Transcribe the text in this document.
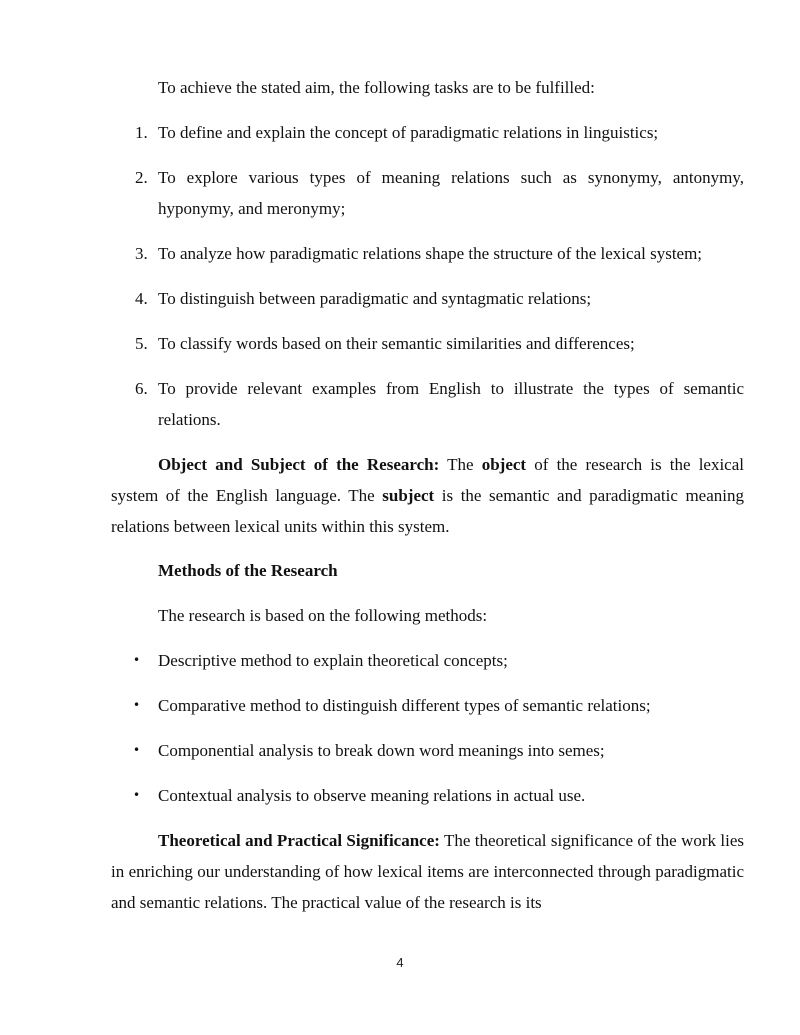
To achieve the stated aim, the following tasks are to be fulfilled:

1. To define and explain the concept of paradigmatic relations in linguistics;
2. To explore various types of meaning relations such as synonymy, antonymy, hyponymy, and meronymy;
3. To analyze how paradigmatic relations shape the structure of the lexical system;
4. To distinguish between paradigmatic and syntagmatic relations;
5. To classify words based on their semantic similarities and differences;
6. To provide relevant examples from English to illustrate the types of semantic relations.

Object and Subject of the Research: The object of the research is the lexical system of the English language. The subject is the semantic and paradigmatic meaning relations between lexical units within this system.

Methods of the Research

The research is based on the following methods:

• Descriptive method to explain theoretical concepts;
• Comparative method to distinguish different types of semantic relations;
• Componential analysis to break down word meanings into semes;
• Contextual analysis to observe meaning relations in actual use.

Theoretical and Practical Significance: The theoretical significance of the work lies in enriching our understanding of how lexical items are interconnected through paradigmatic and semantic relations. The practical value of the research is its

4
